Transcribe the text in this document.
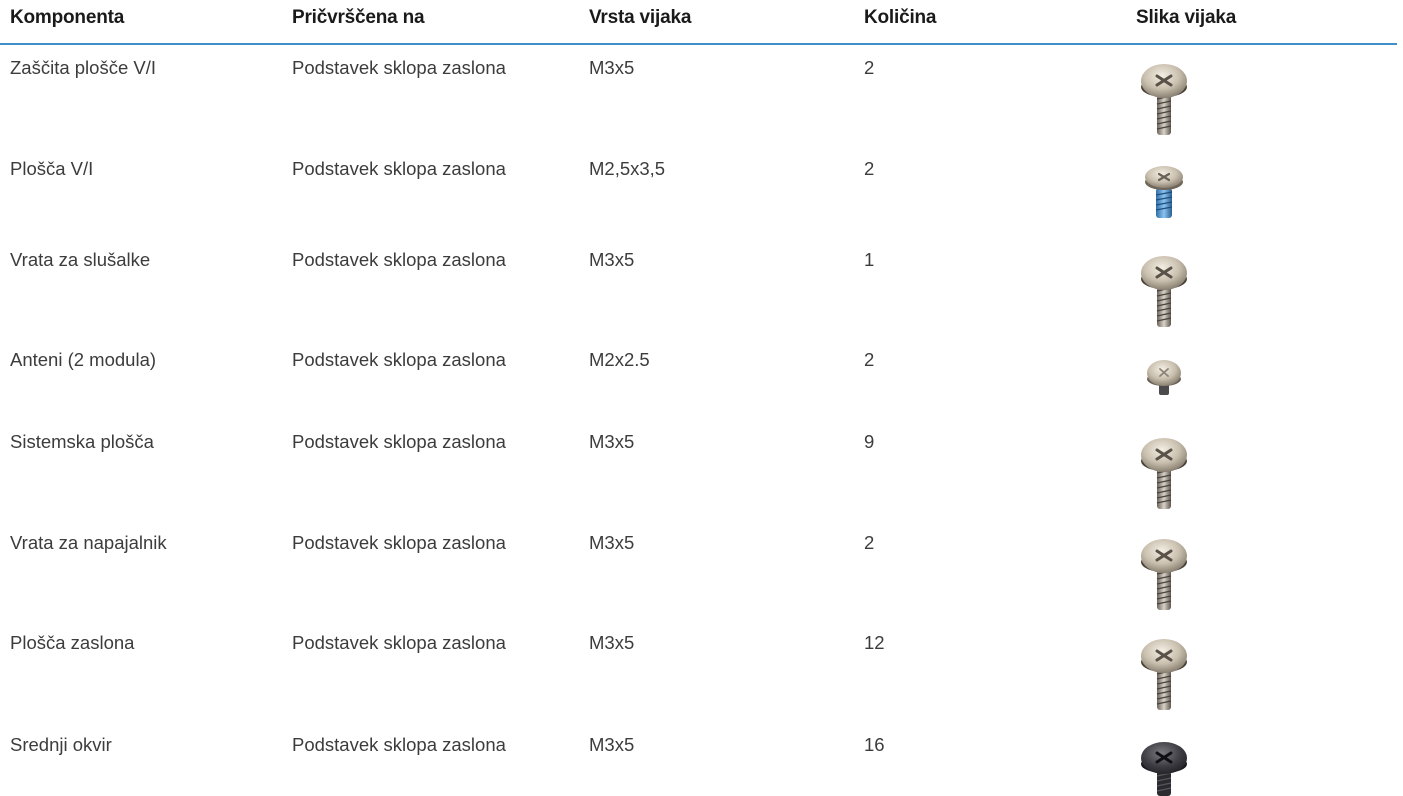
Komponenta	Pričvrščena na	Vrsta vijaka	Količina	Slika vijaka
Zaščita plošče V/I	Podstavek sklopa zaslona	M3x5	2
Plošča V/I	Podstavek sklopa zaslona	M2,5x3,5	2
Vrata za slušalke	Podstavek sklopa zaslona	M3x5	1
Anteni (2 modula)	Podstavek sklopa zaslona	M2x2.5	2
Sistemska plošča	Podstavek sklopa zaslona	M3x5	9
Vrata za napajalnik	Podstavek sklopa zaslona	M3x5	2
Plošča zaslona	Podstavek sklopa zaslona	M3x5	12
Srednji okvir	Podstavek sklopa zaslona	M3x5	16
